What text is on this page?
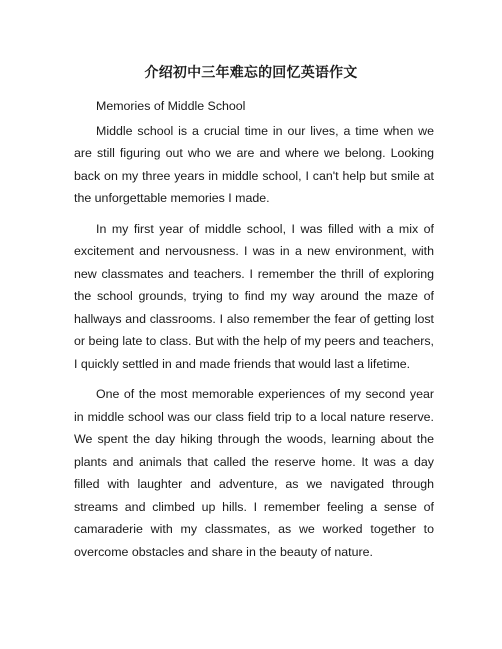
介绍初中三年难忘的回忆英语作文

Memories of Middle School

Middle school is a crucial time in our lives, a time when we are still figuring out who we are and where we belong. Looking back on my three years in middle school, I can't help but smile at the unforgettable memories I made.

In my first year of middle school, I was filled with a mix of excitement and nervousness. I was in a new environment, with new classmates and teachers. I remember the thrill of exploring the school grounds, trying to find my way around the maze of hallways and classrooms. I also remember the fear of getting lost or being late to class. But with the help of my peers and teachers, I quickly settled in and made friends that would last a lifetime.

One of the most memorable experiences of my second year in middle school was our class field trip to a local nature reserve. We spent the day hiking through the woods, learning about the plants and animals that called the reserve home. It was a day filled with laughter and adventure, as we navigated through streams and climbed up hills. I remember feeling a sense of camaraderie with my classmates, as we worked together to overcome obstacles and share in the beauty of nature.
